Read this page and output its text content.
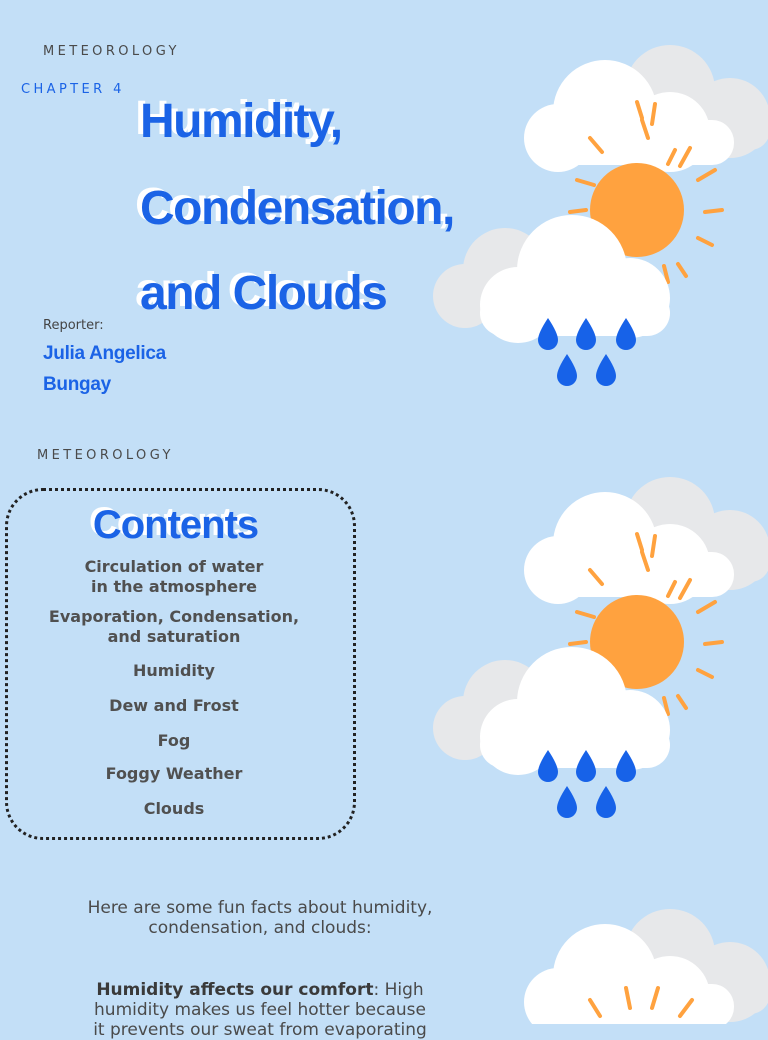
METEOROLOGY
CHAPTER 4
Humidity,
Condensation,
and Clouds
Reporter:
Julia Angelica
Bungay
METEOROLOGY
Contents
Circulation of water
in the atmosphere
Evaporation, Condensation,
and saturation
Humidity
Dew and Frost
Fog
Foggy Weather
Clouds
Here are some fun facts about humidity,
condensation, and clouds:
Humidity affects our comfort: High
humidity makes us feel hotter because
it prevents our sweat from evaporating
